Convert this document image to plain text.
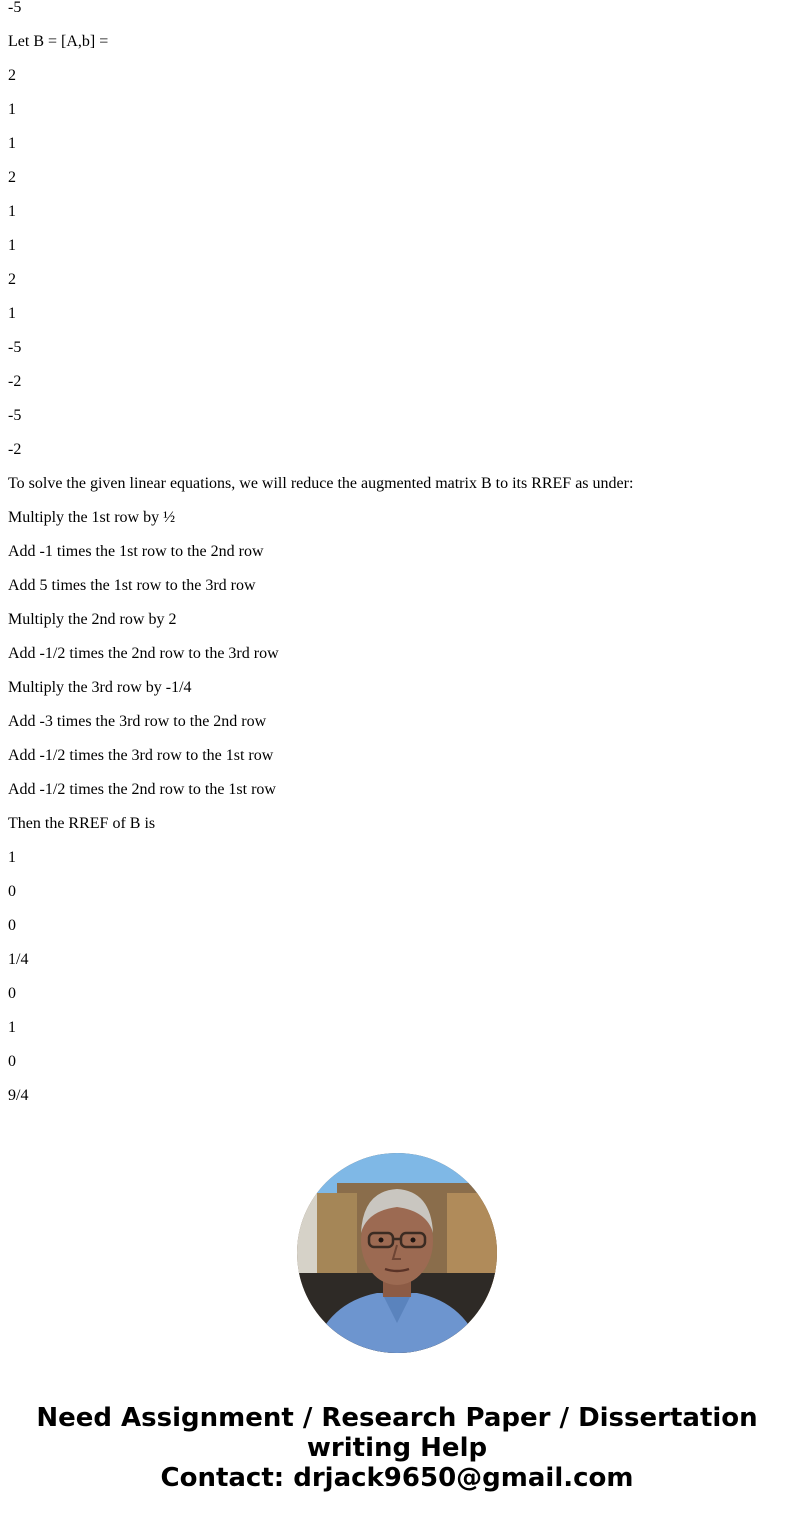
-5

Let B = [A,b] =

2

1

1

2

1

1

2

1

-5

-2

-5

-2

To solve the given linear equations, we will reduce the augmented matrix B to its RREF as under:

Multiply the 1st row by ½

Add -1 times the 1st row to the 2nd row

Add 5 times the 1st row to the 3rd row

Multiply the 2nd row by 2

Add -1/2 times the 2nd row to the 3rd row

Multiply the 3rd row by -1/4

Add -3 times the 3rd row to the 2nd row

Add -1/2 times the 3rd row to the 1st row

Add -1/2 times the 2nd row to the 1st row

Then the RREF of B is

1

0

0

1/4

0

1

0

9/4

Need Assignment / Research Paper / Dissertation
writing Help
Contact: drjack9650@gmail.com
